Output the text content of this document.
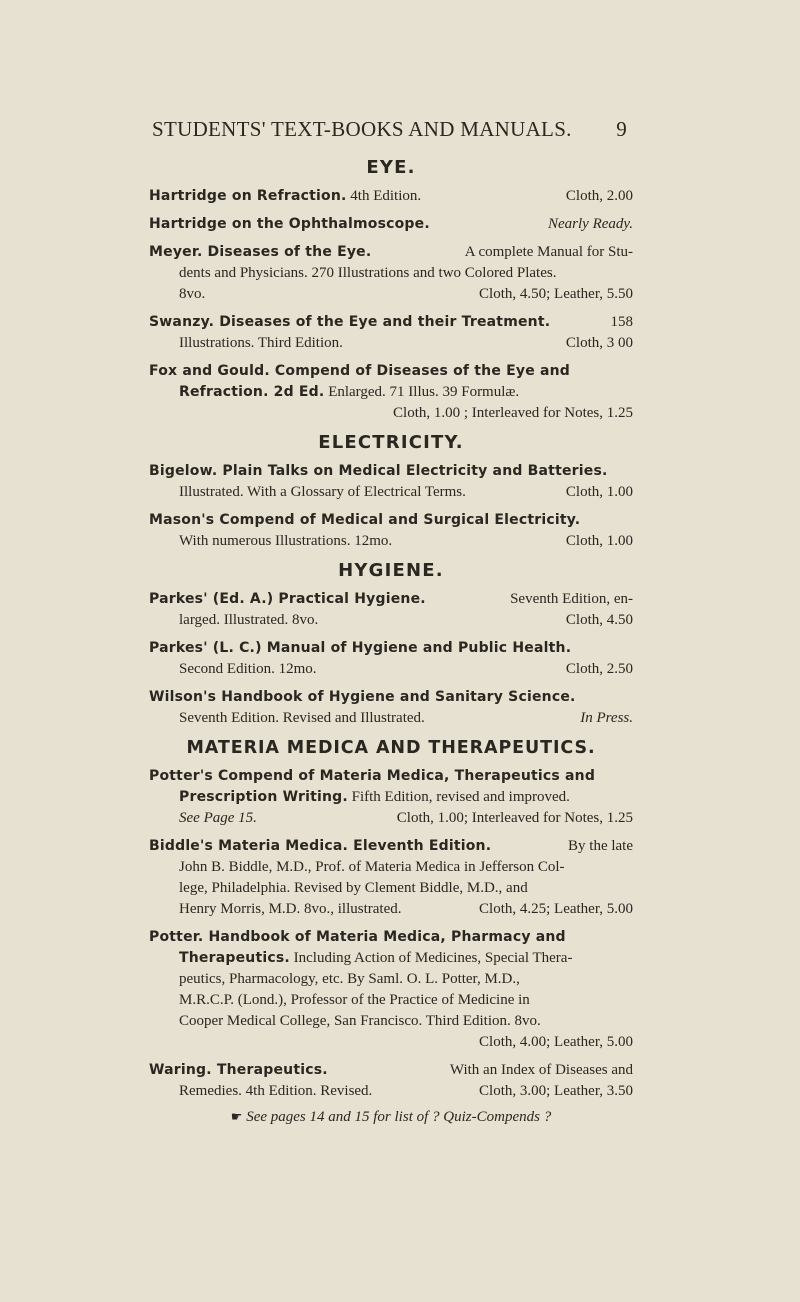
STUDENTS' TEXT-BOOKS AND MANUALS. 9
EYE.
Hartridge on Refraction. 4th Edition.	Cloth, 2.00
Hartridge on the Ophthalmoscope.	Nearly Ready.
Meyer. Diseases of the Eye.	A complete Manual for Stu-
dents and Physicians. 270 Illustrations and two Colored Plates.
8vo.	Cloth, 4.50; Leather, 5.50
Swanzy. Diseases of the Eye and their Treatment.	158
Illustrations. Third Edition.	Cloth, 3 00
Fox and Gould. Compend of Diseases of the Eye and
Refraction. 2d Ed. Enlarged. 71 Illus. 39 Formulæ.
Cloth, 1.00 ; Interleaved for Notes, 1.25
ELECTRICITY.
Bigelow. Plain Talks on Medical Electricity and Batteries.
Illustrated. With a Glossary of Electrical Terms.	Cloth, 1.00
Mason's Compend of Medical and Surgical Electricity.
With numerous Illustrations. 12mo.	Cloth, 1.00
HYGIENE.
Parkes' (Ed. A.) Practical Hygiene.	Seventh Edition, en-
larged. Illustrated. 8vo.	Cloth, 4.50
Parkes' (L. C.) Manual of Hygiene and Public Health.
Second Edition. 12mo.	Cloth, 2.50
Wilson's Handbook of Hygiene and Sanitary Science.
Seventh Edition. Revised and Illustrated.	In Press.
MATERIA MEDICA AND THERAPEUTICS.
Potter's Compend of Materia Medica, Therapeutics and
Prescription Writing. Fifth Edition, revised and improved.
See Page 15.	Cloth, 1.00; Interleaved for Notes, 1.25
Biddle's Materia Medica. Eleventh Edition.	By the late
John B. Biddle, M.D., Prof. of Materia Medica in Jefferson Col-
lege, Philadelphia. Revised by Clement Biddle, M.D., and
Henry Morris, M.D. 8vo., illustrated.	Cloth, 4.25; Leather, 5.00
Potter. Handbook of Materia Medica, Pharmacy and
Therapeutics. Including Action of Medicines, Special Thera-
peutics, Pharmacology, etc. By Saml. O. L. Potter, M.D.,
M.R.C.P. (Lond.), Professor of the Practice of Medicine in
Cooper Medical College, San Francisco. Third Edition. 8vo.
Cloth, 4.00; Leather, 5.00
Waring. Therapeutics.	With an Index of Diseases and
Remedies. 4th Edition. Revised.	Cloth, 3.00; Leather, 3.50
☛ See pages 14 and 15 for list of ? Quiz-Compends ?
